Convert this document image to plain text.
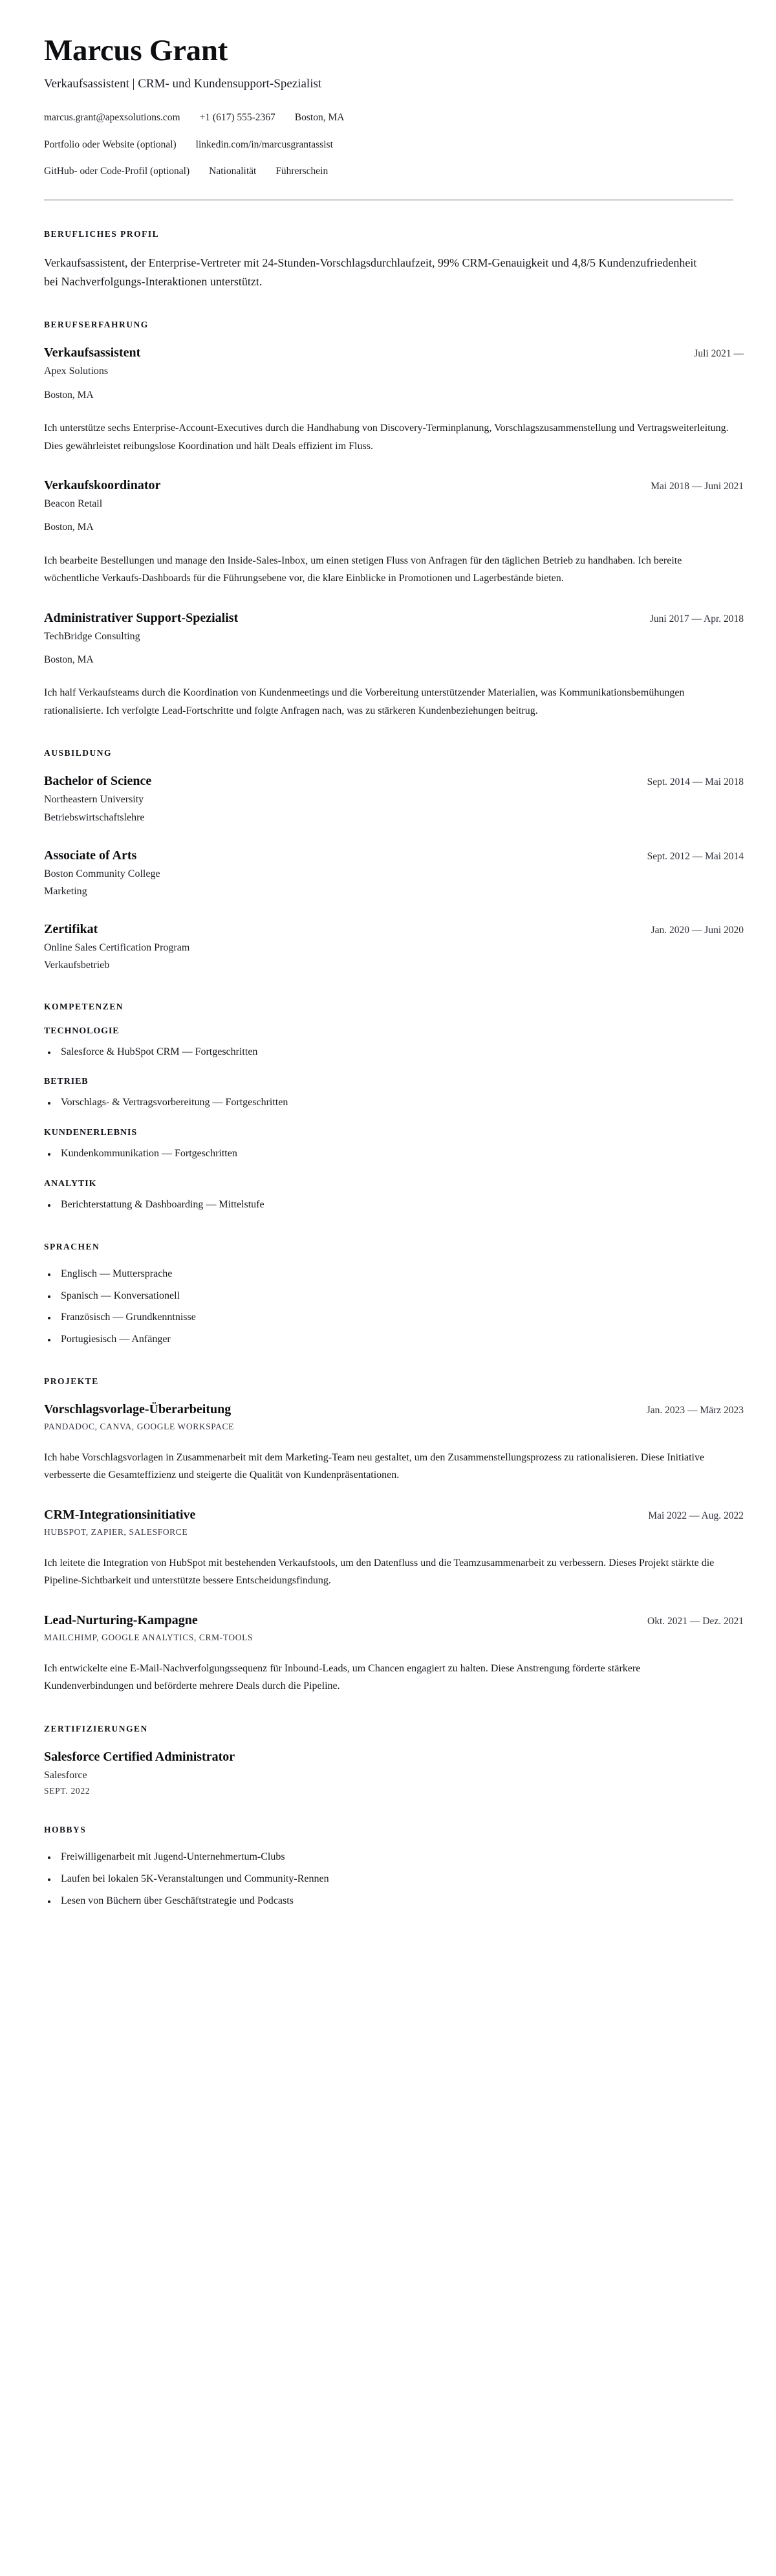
Marcus Grant
Verkaufsassistent | CRM- und Kundensupport-Spezialist
marcus.grant@apexsolutions.com +1 (617) 555-2367 Boston, MA
Portfolio oder Website (optional) linkedin.com/in/marcusgrantassist
GitHub- oder Code-Profil (optional) Nationalität Führerschein
BERUFLICHES PROFIL

Verkaufsassistent, der Enterprise-Vertreter mit 24-Stunden-Vorschlagsdurchlaufzeit, 99% CRM-Genauigkeit und 4,8/5 Kundenzufriedenheit bei Nachverfolgungs-Interaktionen unterstützt.

BERUFSERFAHRUNG
Verkaufsassistent	Juli 2021 —
Apex Solutions
Boston, MA

Ich unterstütze sechs Enterprise-Account-Executives durch die Handhabung von Discovery-Terminplanung, Vorschlagszusammenstellung und Vertragsweiterleitung. Dies gewährleistet reibungslose Koordination und hält Deals effizient im Fluss.

Verkaufskoordinator	Mai 2018 — Juni 2021
Beacon Retail
Boston, MA

Ich bearbeite Bestellungen und manage den Inside-Sales-Inbox, um einen stetigen Fluss von Anfragen für den täglichen Betrieb zu handhaben. Ich bereite wöchentliche Verkaufs-Dashboards für die Führungsebene vor, die klare Einblicke in Promotionen und Lagerbestände bieten.

Administrativer Support-Spezialist	Juni 2017 — Apr. 2018
TechBridge Consulting
Boston, MA

Ich half Verkaufsteams durch die Koordination von Kundenmeetings und die Vorbereitung unterstützender Materialien, was Kommunikationsbemühungen rationalisierte. Ich verfolgte Lead-Fortschritte und folgte Anfragen nach, was zu stärkeren Kundenbeziehungen beitrug.

AUSBILDUNG
Bachelor of Science	Sept. 2014 — Mai 2018
Northeastern University
Betriebswirtschaftslehre
Associate of Arts	Sept. 2012 — Mai 2014
Boston Community College
Marketing
Zertifikat	Jan. 2020 — Juni 2020
Online Sales Certification Program
Verkaufsbetrieb
KOMPETENZEN
TECHNOLOGIE
Salesforce & HubSpot CRM — Fortgeschritten
BETRIEB
Vorschlags- & Vertragsvorbereitung — Fortgeschritten
KUNDENERLEBNIS
Kundenkommunikation — Fortgeschritten
ANALYTIK
Berichterstattung & Dashboarding — Mittelstufe
SPRACHEN
Englisch — Muttersprache
Spanisch — Konversationell
Französisch — Grundkenntnisse
Portugiesisch — Anfänger
PROJEKTE
Vorschlagsvorlage-Überarbeitung	Jan. 2023 — März 2023
PANDADOC, CANVA, GOOGLE WORKSPACE

Ich habe Vorschlagsvorlagen in Zusammenarbeit mit dem Marketing-Team neu gestaltet, um den Zusammenstellungsprozess zu rationalisieren. Diese Initiative verbesserte die Gesamteffizienz und steigerte die Qualität von Kundenpräsentationen.

CRM-Integrationsinitiative	Mai 2022 — Aug. 2022
HUBSPOT, ZAPIER, SALESFORCE

Ich leitete die Integration von HubSpot mit bestehenden Verkaufstools, um den Datenfluss und die Teamzusammenarbeit zu verbessern. Dieses Projekt stärkte die Pipeline-Sichtbarkeit und unterstützte bessere Entscheidungsfindung.

Lead-Nurturing-Kampagne	Okt. 2021 — Dez. 2021
MAILCHIMP, GOOGLE ANALYTICS, CRM-TOOLS

Ich entwickelte eine E-Mail-Nachverfolgungssequenz für Inbound-Leads, um Chancen engagiert zu halten. Diese Anstrengung förderte stärkere Kundenverbindungen und beförderte mehrere Deals durch die Pipeline.

ZERTIFIZIERUNGEN
Salesforce Certified Administrator
Salesforce
SEPT. 2022
HOBBYS
Freiwilligenarbeit mit Jugend-Unternehmertum-Clubs
Laufen bei lokalen 5K-Veranstaltungen und Community-Rennen
Lesen von Büchern über Geschäftstrategie und Podcasts
